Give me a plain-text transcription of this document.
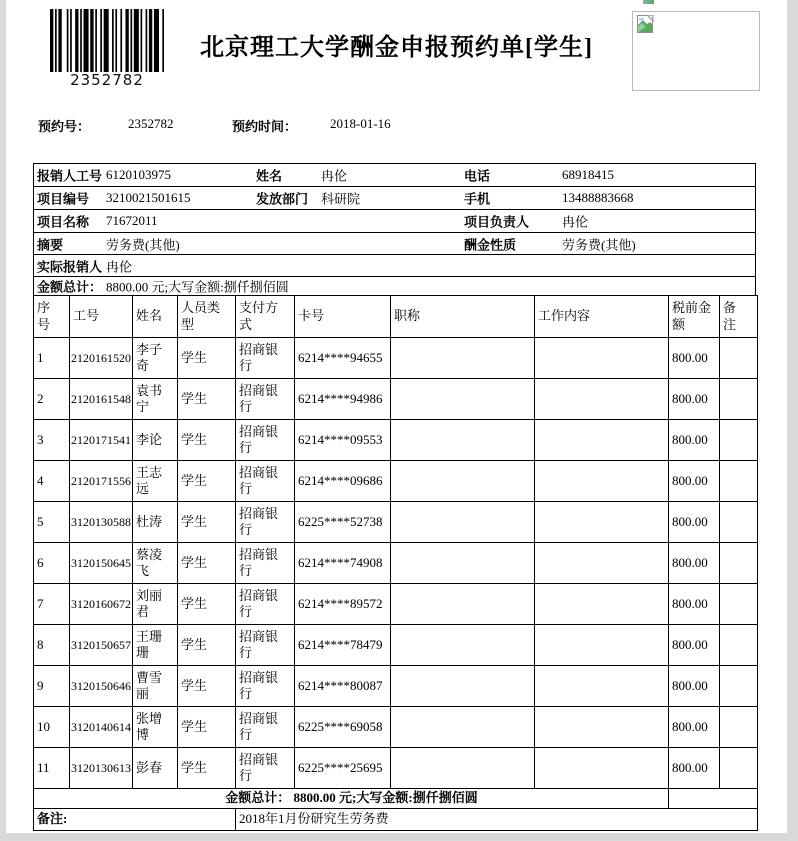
2352782
北京理工大学酬金申报预约单[学生]
预约号：	2352782	预约时间：	2018-01-16
报销人工号 6120103975	姓名	冉伦	电话	68918415
项目编号 3210021501615	发放部门 科研院	手机	13488883668
项目名称 71672011	项目负责人	冉伦
摘要	劳务费(其他)	酬金性质	劳务费(其他)
实际报销人 冉伦
金额总计： 8800.00 元;大写金额:捌仟捌佰圆
序号	工号	姓名	人员类型	支付方式	卡号	职称	工作内容	税前金额	备注
1	2120161520	李子奇	学生	招商银行	6214****94655			800.00	
2	2120161548	袁书宁	学生	招商银行	6214****94986			800.00	
3	2120171541	李论	学生	招商银行	6214****09553			800.00	
4	2120171556	王志远	学生	招商银行	6214****09686			800.00	
5	3120130588	杜涛	学生	招商银行	6225****52738			800.00	
6	3120150645	蔡凌飞	学生	招商银行	6214****74908			800.00	
7	3120160672	刘丽君	学生	招商银行	6214****89572			800.00	
8	3120150657	王珊珊	学生	招商银行	6214****78479			800.00	
9	3120150646	曹雪丽	学生	招商银行	6214****80087			800.00	
10	3120140614	张增博	学生	招商银行	6225****69058			800.00	
11	3120130613	彭春	学生	招商银行	6225****25695			800.00	
金额总计： 8800.00 元;大写金额:捌仟捌佰圆									
备注:				2018年1月份研究生劳务费					
